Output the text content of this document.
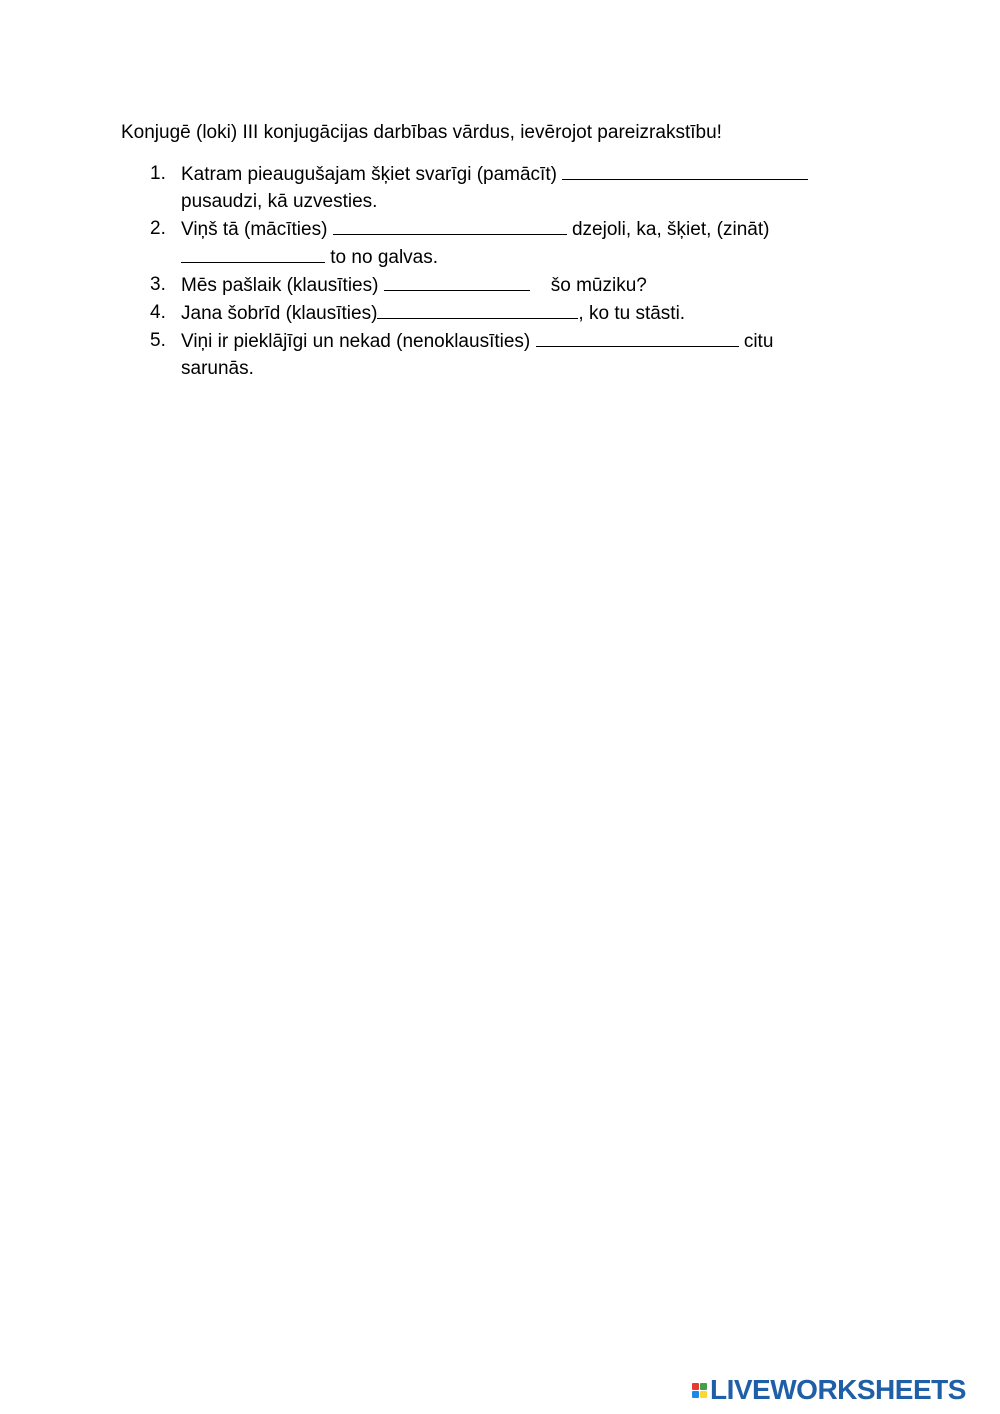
Konjugē (loki) III konjugācijas darbības vārdus, ievērojot pareizrakstību!

1. Katram pieaugušajam šķiet svarīgi (pamācīt)  pusaudzi, kā uzvesties.
2. Viņš tā (mācīties)	dzejoli, ka, šķiet, (zināt)  to no galvas.
3. Mēs pašlaik (klausīties)	šo mūziku?
4. Jana šobrīd (klausīties)	, ko tu stāsti.
5. Viņi ir pieklājīgi un nekad (nenoklausīties)	citu sarunās.
LIVEWORKSHEETS
